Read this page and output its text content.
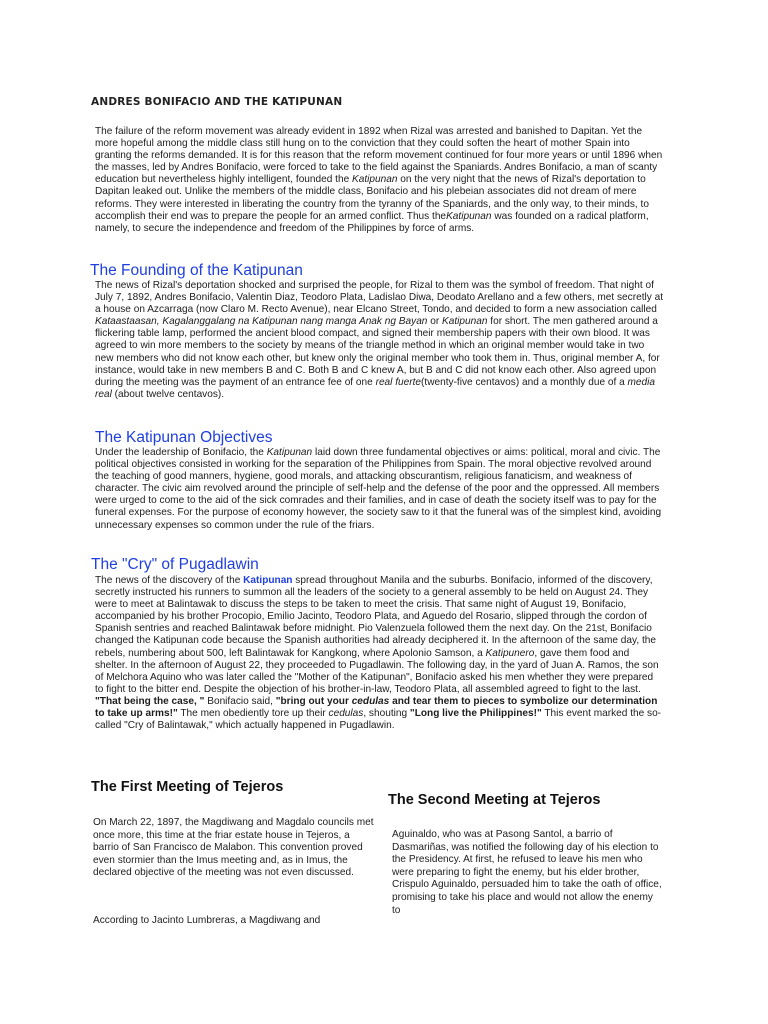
ANDRES BONIFACIO AND THE KATIPUNAN

The failure of the reform movement was already evident in 1892 when Rizal was arrested and banished to Dapitan. Yet the more hopeful among the middle class still hung on to the conviction that they could soften the heart of mother Spain into granting the reforms demanded. It is for this reason that the reform movement continued for four more years or until 1896 when the masses, led by Andres Bonifacio, were forced to take to the field against the Spaniards. Andres Bonifacio, a man of scanty education but nevertheless highly intelligent, founded the Katipunan on the very night that the news of Rizal's deportation to Dapitan leaked out. Unlike the members of the middle class, Bonifacio and his plebeian associates did not dream of mere reforms. They were interested in liberating the country from the tyranny of the Spaniards, and the only way, to their minds, to accomplish their end was to prepare the people for an armed conflict. Thus theKatipunan was founded on a radical platform, namely, to secure the independence and freedom of the Philippines by force of arms.

The Founding of the Katipunan

The news of Rizal's deportation shocked and surprised the people, for Rizal to them was the symbol of freedom. That night of July 7, 1892, Andres Bonifacio, Valentin Diaz, Teodoro Plata, Ladislao Diwa, Deodato Arellano and a few others, met secretly at a house on Azcarraga (now Claro M. Recto Avenue), near Elcano Street, Tondo, and decided to form a new association called Kataastaasan, Kagalanggalang na Katipunan nang manga Anak ng Bayan or Katipunan for short. The men gathered around a flickering table lamp, performed the ancient blood compact, and signed their membership papers with their own blood. It was agreed to win more members to the society by means of the triangle method in which an original member would take in two new members who did not know each other, but knew only the original member who took them in. Thus, original member A, for instance, would take in new members B and C. Both B and C knew A, but B and C did not know each other. Also agreed upon during the meeting was the payment of an entrance fee of one real fuerte(twenty-five centavos) and a monthly due of a media real (about twelve centavos).

The Katipunan Objectives

Under the leadership of Bonifacio, the Katipunan laid down three fundamental objectives or aims: political, moral and civic. The political objectives consisted in working for the separation of the Philippines from Spain. The moral objective revolved around the teaching of good manners, hygiene, good morals, and attacking obscurantism, religious fanaticism, and weakness of character. The civic aim revolved around the principle of self-help and the defense of the poor and the oppressed. All members were urged to come to the aid of the sick comrades and their families, and in case of death the society itself was to pay for the funeral expenses. For the purpose of economy however, the society saw to it that the funeral was of the simplest kind, avoiding unnecessary expenses so common under the rule of the friars.

The "Cry" of Pugadlawin

The news of the discovery of the Katipunan spread throughout Manila and the suburbs. Bonifacio, informed of the discovery, secretly instructed his runners to summon all the leaders of the society to a general assembly to be held on August 24. They were to meet at Balintawak to discuss the steps to be taken to meet the crisis. That same night of August 19, Bonifacio, accompanied by his brother Procopio, Emilio Jacinto, Teodoro Plata, and Aguedo del Rosario, slipped through the cordon of Spanish sentries and reached Balintawak before midnight. Pio Valenzuela followed them the next day. On the 21st, Bonifacio changed the Katipunan code because the Spanish authorities had already deciphered it. In the afternoon of the same day, the rebels, numbering about 500, left Balintawak for Kangkong, where Apolonio Samson, a Katipunero, gave them food and shelter. In the afternoon of August 22, they proceeded to Pugadlawin. The following day, in the yard of Juan A. Ramos, the son of Melchora Aquino who was later called the "Mother of the Katipunan", Bonifacio asked his men whether they were prepared to fight to the bitter end. Despite the objection of his brother-in-law, Teodoro Plata, all assembled agreed to fight to the last. "That being the case, " Bonifacio said, "bring out your cedulas and tear them to pieces to symbolize our determination to take up arms!" The men obediently tore up their cedulas, shouting "Long live the Philippines!" This event marked the so-called "Cry of Balintawak," which actually happened in Pugadlawin.

The First Meeting of Tejeros

On March 22, 1897, the Magdiwang and Magdalo councils met once more, this time at the friar estate house in Tejeros, a barrio of San Francisco de Malabon. This convention proved even stormier than the Imus meeting and, as in Imus, the declared objective of the meeting was not even discussed.

According to Jacinto Lumbreras, a Magdiwang and

The Second Meeting at Tejeros

Aguinaldo, who was at Pasong Santol, a barrio of Dasmariñas, was notified the following day of his election to the Presidency. At first, he refused to leave his men who were preparing to fight the enemy, but his elder brother, Crispulo Aguinaldo, persuaded him to take the oath of office, promising to take his place and would not allow the enemy to
